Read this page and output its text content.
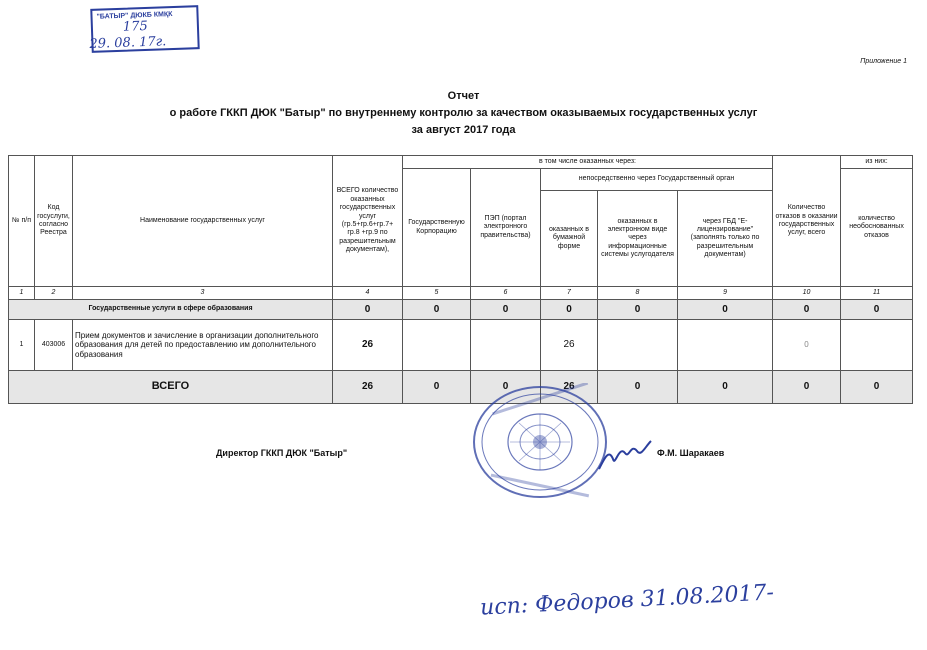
"БАТЫР" ДЮКБ КМҚК
175
29. 08. 17г.
Приложение 1
Отчет
о работе ГККП ДЮК "Батыр" по внутреннему контролю за качеством оказываемых государственных услуг
за август 2017 года
№ п/п	Код госуслуги, согласно Реестра	Наименование государственных услуг	ВСЕГО количество оказанных государственных услуг (гр.5+гр.6+гр.7+ гр.8 +гр.9 по разрешительным документам),	в том числе оказанных через:					Количество отказов в оказании государственных услуг, всего	из них:
				Государственную Корпорацию	ПЭП (портал электронного правительства)	непосредственно через Государственный орган				количество необоснованных отказов
						оказанных в бумажной форме	оказанных в электронном виде через информационные системы услугодателя	через ГБД "Е-лицензирование" (заполнять только по разрешительным документам)		
1	2	3	4	5	6	7	8	9	10	11
Государственные услуги в сфере образования			0	0	0	0	0	0	0	0
1	403006	Прием документов и зачисление в организации дополнительного образования для детей по предоставлению им дополнительного образования	26			26			0	
ВСЕГО			26	0	0	26	0	0	0	0
Директор ГККП ДЮК "Батыр"	Ф.М. Шаракаев
исп: Федоров 31.08.2017-
